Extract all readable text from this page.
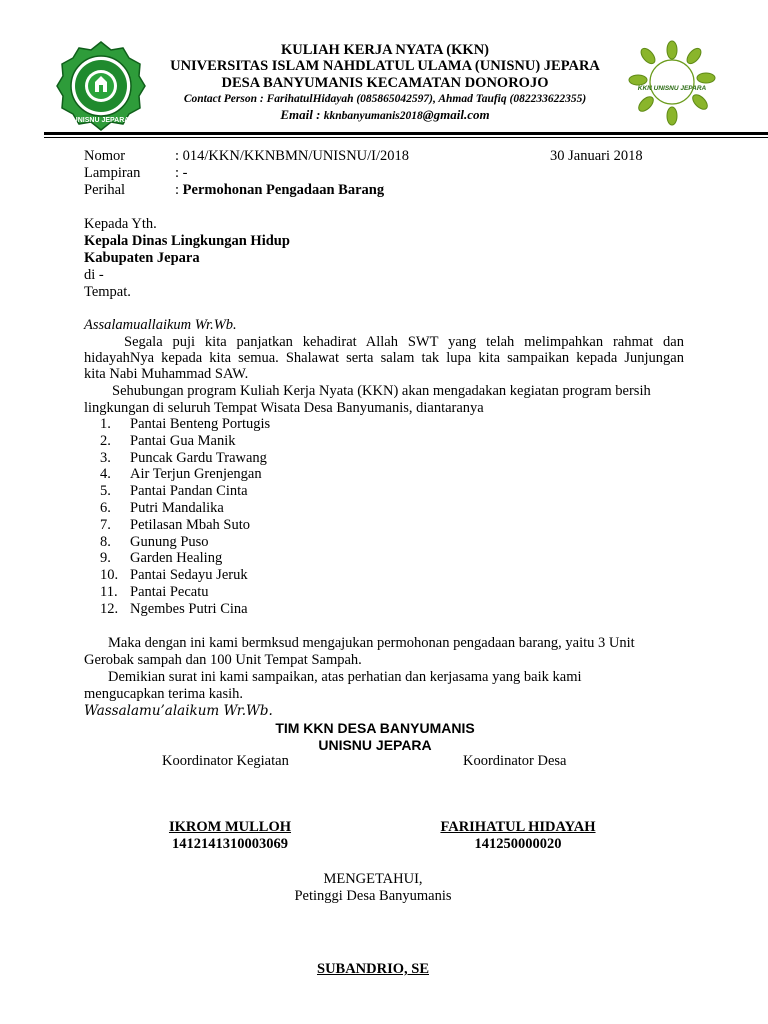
UNISNU JEPARA
KKN UNISNU JEPARA
KULIAH KERJA NYATA (KKN)
UNIVERSITAS ISLAM NAHDLATUL ULAMA (UNISNU) JEPARA
DESA BANYUMANIS KECAMATAN DONOROJO
Contact Person : FarihatulHidayah (085865042597), Ahmad Taufiq (082233622355)
Email : kknbanyumanis2018@gmail.com
Nomor	: 014/KKN/KKNBMN/UNISNU/I/2018	30 Januari 2018
Lampiran : -
Perihal	: Permohonan Pengadaan Barang
Kepada Yth.
Kepala Dinas Lingkungan Hidup
Kabupaten Jepara
di -
Tempat.
Assalamuallaikum Wr.Wb.
Segala puji kita panjatkan kehadirat Allah SWT yang telah melimpahkan rahmat dan
hidayahNya kepada kita semua. Shalawat serta salam tak lupa kita sampaikan kepada Junjungan
kita Nabi Muhammad SAW.
Sehubungan program Kuliah Kerja Nyata (KKN) akan mengadakan kegiatan program bersih
lingkungan di seluruh Tempat Wisata Desa Banyumanis, diantaranya
1. Pantai Benteng Portugis
2. Pantai Gua Manik
3. Puncak Gardu Trawang
4. Air Terjun Grenjengan
5. Pantai Pandan Cinta
6. Putri Mandalika
7. Petilasan Mbah Suto
8. Gunung Puso
9. Garden Healing
10. Pantai Sedayu Jeruk
11. Pantai Pecatu
12. Ngembes Putri Cina
Maka dengan ini kami bermksud mengajukan permohonan pengadaan barang, yaitu 3 Unit
Gerobak sampah dan 100 Unit Tempat Sampah.
Demikian surat ini kami sampaikan, atas perhatian dan kerjasama yang baik kami
mengucapkan terima kasih.
Wassalamu’alaikum Wr.Wb.
TIM KKN DESA BANYUMANIS
UNISNU JEPARA
Koordinator Kegiatan	Koordinator Desa
IKROM MULLOH
1412141310003069
FARIHATUL HIDAYAH
141250000020
MENGETAHUI,
Petinggi Desa Banyumanis
SUBANDRIO, SE
